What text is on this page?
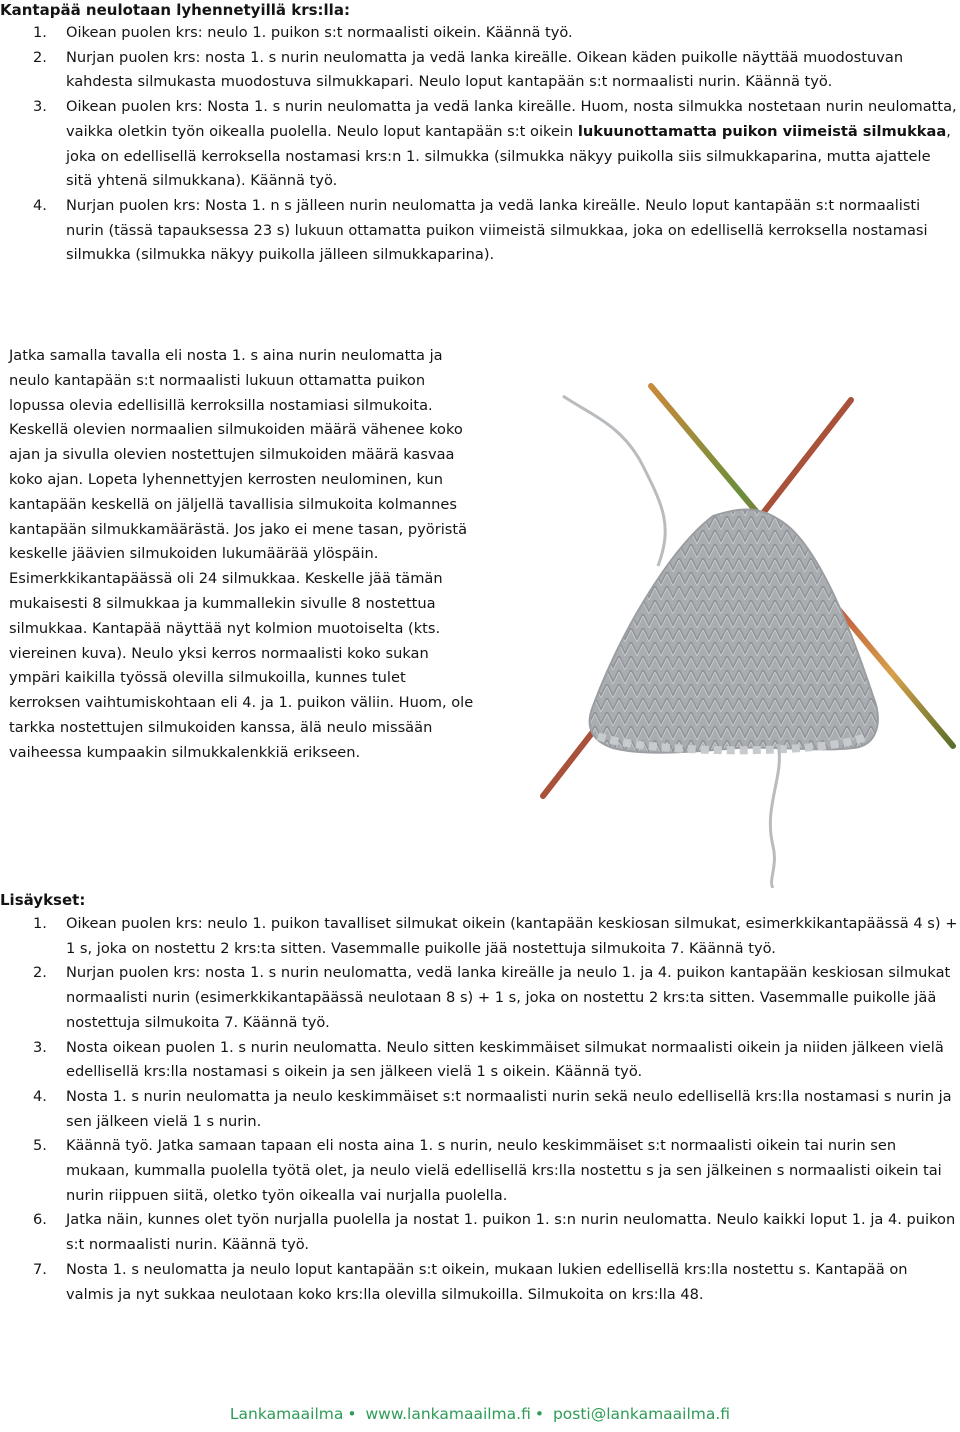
Kantapää neulotaan lyhennetyillä krs:lla:
1.	Oikean puolen krs: neulo 1. puikon s:t normaalisti oikein. Käännä työ.
2.	Nurjan puolen krs: nosta 1. s nurin neulomatta ja vedä lanka kireälle. Oikean käden puikolle näyttää muodostuvan kahdesta silmukasta muodostuva silmukkapari. Neulo loput kantapään s:t normaalisti nurin. Käännä työ.
3.	Oikean puolen krs: Nosta 1. s nurin neulomatta ja vedä lanka kireälle. Huom, nosta silmukka nostetaan nurin neulomatta, vaikka oletkin työn oikealla puolella. Neulo loput kantapään s:t oikein lukuunottamatta puikon viimeistä silmukkaa, joka on edellisellä kerroksella nostamasi krs:n 1. silmukka (silmukka näkyy puikolla siis silmukkaparina, mutta ajattele sitä yhtenä silmukkana). Käännä työ.
4.	Nurjan puolen krs: Nosta 1. n s jälleen nurin neulomatta ja vedä lanka kireälle. Neulo loput kantapään s:t normaalisti nurin (tässä tapauksessa 23 s) lukuun ottamatta puikon viimeistä silmukkaa, joka on edellisellä kerroksella nostamasi silmukka (silmukka näkyy puikolla jälleen silmukkaparina).
Jatka samalla tavalla eli nosta 1. s aina nurin neulomatta ja neulo kantapään s:t normaalisti lukuun ottamatta puikon lopussa olevia edellisillä kerroksilla nostamiasi silmukoita. Keskellä olevien normaalien silmukoiden määrä vähenee koko ajan ja sivulla olevien nostettujen silmukoiden määrä kasvaa koko ajan. Lopeta lyhennettyjen kerrosten neulominen, kun kantapään keskellä on jäljellä tavallisia silmukoita kolmannes kantapään silmukkamäärästä. Jos jako ei mene tasan, pyöristä keskelle jäävien silmukoiden lukumäärää ylöspäin. Esimerkkikantapäässä oli 24 silmukkaa. Keskelle jää tämän mukaisesti 8 silmukkaa ja kummallekin sivulle 8 nostettua silmukkaa. Kantapää näyttää nyt kolmion muotoiselta (kts. viereinen kuva). Neulo yksi kerros normaalisti koko sukan ympäri kaikilla työssä olevilla silmukoilla, kunnes tulet kerroksen vaihtumiskohtaan eli 4. ja 1. puikon väliin. Huom, ole tarkka nostettujen silmukoiden kanssa, älä neulo missään vaiheessa kumpaakin silmukkalenkkiä erikseen.
Lisäykset:
1.	Oikean puolen krs: neulo 1. puikon tavalliset silmukat oikein (kantapään keskiosan silmukat, esimerkkikantapäässä 4 s) + 1 s, joka on nostettu 2 krs:ta sitten. Vasemmalle puikolle jää nostettuja silmukoita 7. Käännä työ.
2.	Nurjan puolen krs: nosta 1. s nurin neulomatta, vedä lanka kireälle ja neulo 1. ja 4. puikon kantapään keskiosan silmukat normaalisti nurin (esimerkkikantapäässä neulotaan 8 s) + 1 s, joka on nostettu 2 krs:ta sitten. Vasemmalle puikolle jää nostettuja silmukoita 7. Käännä työ.
3.	Nosta oikean puolen 1. s nurin neulomatta. Neulo sitten keskimmäiset silmukat normaalisti oikein ja niiden jälkeen vielä edellisellä krs:lla nostamasi s oikein ja sen jälkeen vielä 1 s oikein. Käännä työ.
4.	Nosta 1. s nurin neulomatta ja neulo keskimmäiset s:t normaalisti nurin sekä neulo edellisellä krs:lla nostamasi s nurin ja sen jälkeen vielä 1 s nurin.
5.	Käännä työ. Jatka samaan tapaan eli nosta aina 1. s nurin, neulo keskimmäiset s:t normaalisti oikein tai nurin sen mukaan, kummalla puolella työtä olet, ja neulo vielä edellisellä krs:lla nostettu s ja sen jälkeinen s normaalisti oikein tai nurin riippuen siitä, oletko työn oikealla vai nurjalla puolella.
6.	Jatka näin, kunnes olet työn nurjalla puolella ja nostat 1. puikon 1. s:n nurin neulomatta. Neulo kaikki loput 1. ja 4. puikon s:t normaalisti nurin. Käännä työ.
7.	Nosta 1. s neulomatta ja neulo loput kantapään s:t oikein, mukaan lukien edellisellä krs:lla nostettu s. Kantapää on valmis ja nyt sukkaa neulotaan koko krs:lla olevilla silmukoilla. Silmukoita on krs:lla 48.
Lankamaailma • www.lankamaailma.fi • posti@lankamaailma.fi
